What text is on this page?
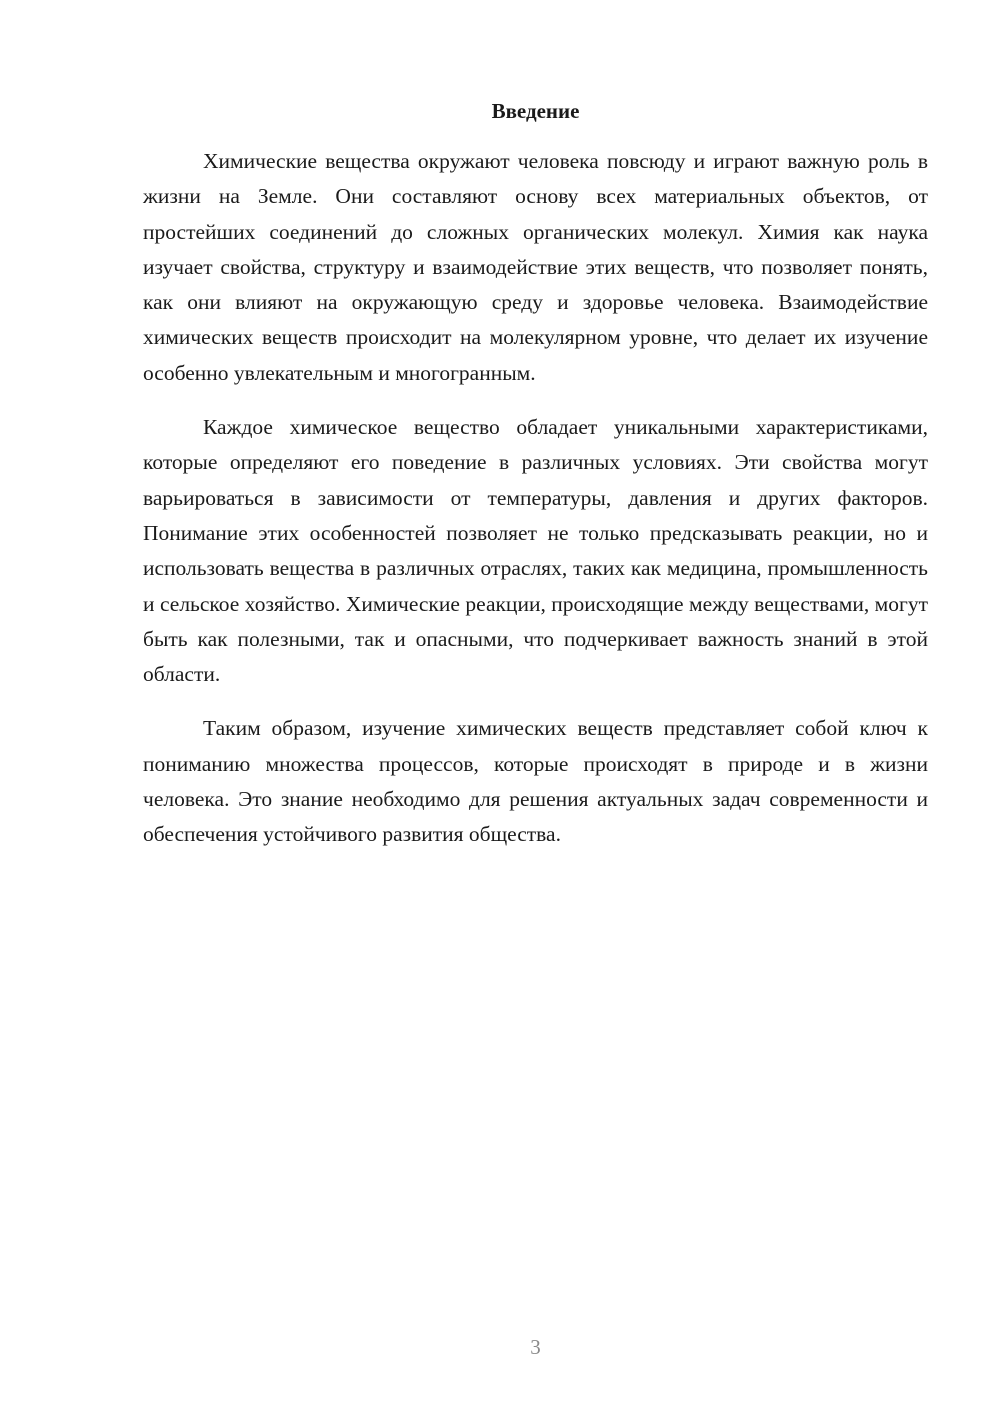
Введение

Химические вещества окружают человека повсюду и играют важную роль в жизни на Земле. Они составляют основу всех материальных объектов, от простейших соединений до сложных органических молекул. Химия как наука изучает свойства, структуру и взаимодействие этих веществ, что позволяет понять, как они влияют на окружающую среду и здоровье человека. Взаимодействие химических веществ происходит на молекулярном уровне, что делает их изучение особенно увлекательным и многогранным.

Каждое химическое вещество обладает уникальными характеристиками, которые определяют его поведение в различных условиях. Эти свойства могут варьироваться в зависимости от температуры, давления и других факторов. Понимание этих особенностей позволяет не только предсказывать реакции, но и использовать вещества в различных отраслях, таких как медицина, промышленность и сельское хозяйство. Химические реакции, происходящие между веществами, могут быть как полезными, так и опасными, что подчеркивает важность знаний в этой области.

Таким образом, изучение химических веществ представляет собой ключ к пониманию множества процессов, которые происходят в природе и в жизни человека. Это знание необходимо для решения актуальных задач современности и обеспечения устойчивого развития общества.

3
